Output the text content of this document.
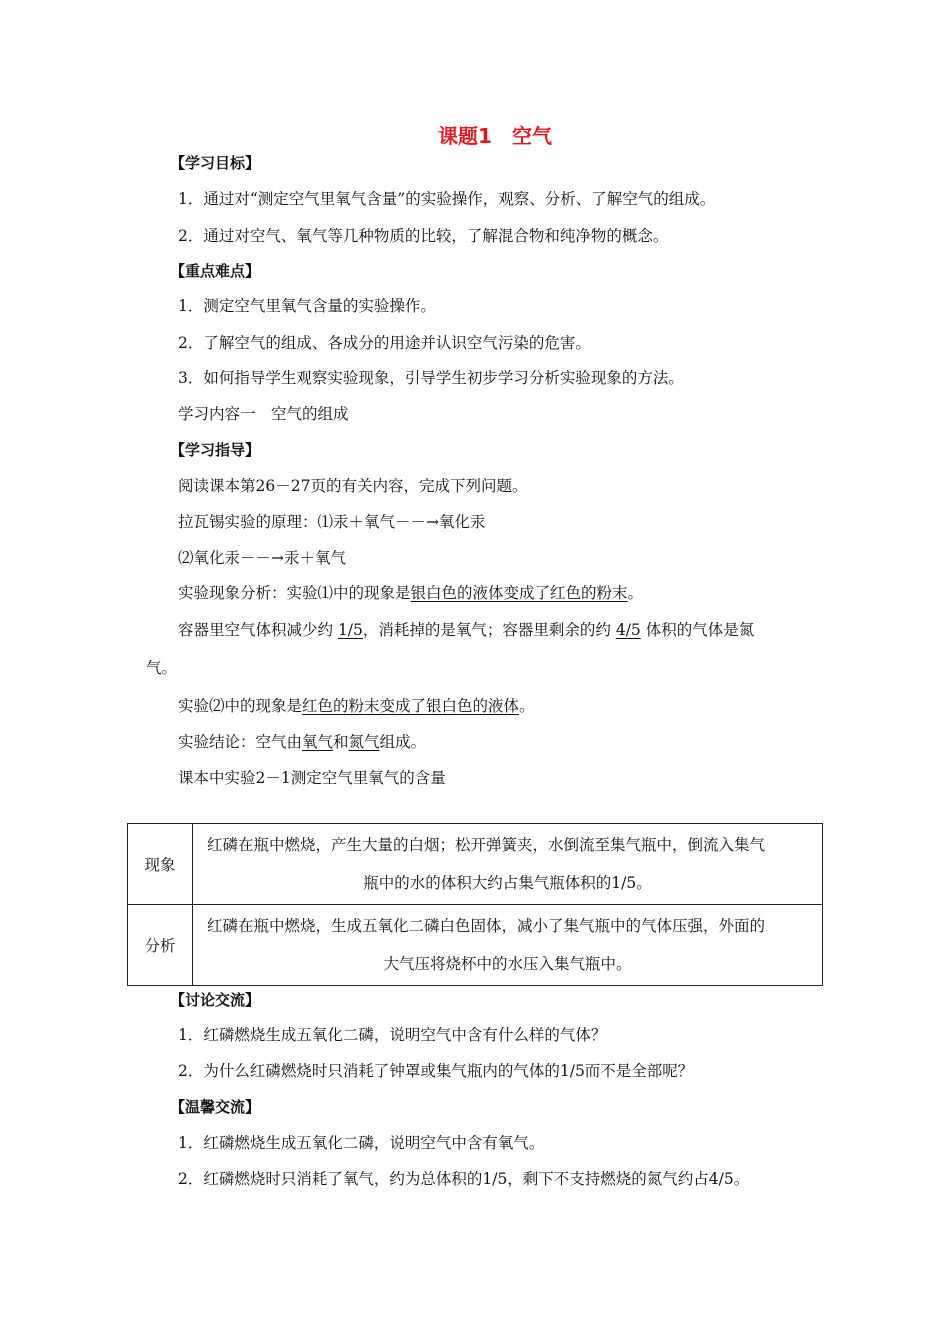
课题1　空气
【学习目标】
1．通过对“测定空气里氧气含量”的实验操作，观察、分析、了解空气的组成。
2．通过对空气、氧气等几种物质的比较，了解混合物和纯净物的概念。
【重点难点】
1．测定空气里氧气含量的实验操作。
2．了解空气的组成、各成分的用途并认识空气污染的危害。
3．如何指导学生观察实验现象，引导学生初步学习分析实验现象的方法。
学习内容一　空气的组成
【学习指导】
阅读课本第26－27页的有关内容，完成下列问题。
拉瓦锡实验的原理：⑴汞＋氧气－－→氧化汞
⑵氧化汞－－→汞＋氧气
实验现象分析：实验⑴中的现象是银白色的液体变成了红色的粉末。
容器里空气体积减少约 1/5，消耗掉的是氧气；容器里剩余的约 4/5 体积的气体是氮
气。
实验⑵中的现象是红色的粉末变成了银白色的液体。
实验结论：空气由氧气和氮气组成。
课本中实验2－1测定空气里氧气的含量
现象	红磷在瓶中燃烧，产生大量的白烟；松开弹簧夹，水倒流至集气瓶中，倒流入集气
瓶中的水的体积大约占集气瓶体积的1/5。

分析	红磷在瓶中燃烧，生成五氧化二磷白色固体，减小了集气瓶中的气体压强，外面的
大气压将烧杯中的水压入集气瓶中。
【讨论交流】
1．红磷燃烧生成五氧化二磷，说明空气中含有什么样的气体？
2．为什么红磷燃烧时只消耗了钟罩或集气瓶内的气体的1/5而不是全部呢？
【温馨交流】
1．红磷燃烧生成五氧化二磷，说明空气中含有氧气。
2．红磷燃烧时只消耗了氧气，约为总体积的1/5，剩下不支持燃烧的氮气约占4/5。
